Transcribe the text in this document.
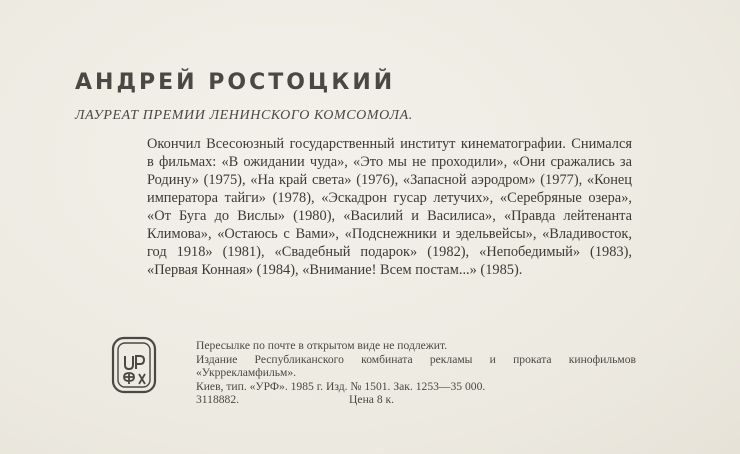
АНДРЕЙ РОСТОЦКИЙ
ЛАУРЕАТ ПРЕМИИ ЛЕНИНСКОГО КОМСОМОЛА.
Окончил Всесоюзный государственный институт кинематографии. Снимался в фильмах: «В ожидании чуда», «Это мы не проходили», «Они сражались за Родину» (1975), «На край света» (1976), «Запасной аэродром» (1977), «Конец императора тайги» (1978), «Эскадрон гусар летучих», «Серебряные озера», «От Буга до Вислы» (1980), «Василий и Василиса», «Правда лейтенанта Климова», «Остаюсь с Вами», «Подснежники и эдельвейсы», «Владивосток, год 1918» (1981), «Свадебный подарок» (1982), «Непобедимый» (1983), «Первая Конная» (1984), «Внимание! Всем постам...» (1985).
Пересылке по почте в открытом виде не подлежит.
Издание Республиканского комбината рекламы и проката кинофильмов «Укррекламфильм».
Киев, тип. «УРФ». 1985 г. Изд. № 1501. Зак. 1253—35 000.
3118882.	Цена 8 к.
